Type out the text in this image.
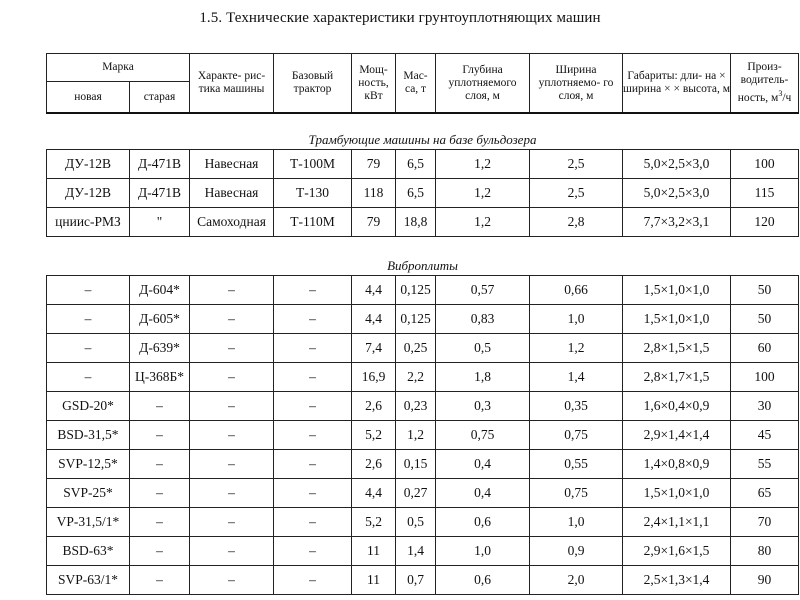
1.5. Технические характеристики грунтоуплотняющих машин
Марка		Характе- рис- тика машины	Базовый трактор	Мощ- ность, кВт	Мас- са, т	Глубина уплотняемого слоя, м	Ширина уплотняемо- го слоя, м	Габариты: дли- на × ширина × × высота, м	Произ- водитель- ность, $м^3/ч$
новая	старая								
Трамбующие машины на базе бульдозера									
ДУ-12В	Д-471В	Навесная	Т-100М	79	6,5	1,2	2,5	5,0×2,5×3,0	100
ДУ-12В	Д-471В	Навесная	Т-130	118	6,5	1,2	2,5	5,0×2,5×3,0	115
цниис-РМЗ	"	Самоходная	Т-110М	79	18,8	1,2	2,8	7,7×3,2×3,1	120
Виброплиты									
–	Д-604*	–	–	4,4	0,125	0,57	0,66	1,5×1,0×1,0	50
–	Д-605*	–	–	4,4	0,125	0,83	1,0	1,5×1,0×1,0	50
–	Д-639*	–	–	7,4	0,25	0,5	1,2	2,8×1,5×1,5	60
–	Ц-368Б*	–	–	16,9	2,2	1,8	1,4	2,8×1,7×1,5	100
GSD-20*	–	–	–	2,6	0,23	0,3	0,35	1,6×0,4×0,9	30
BSD-31,5*	–	–	–	5,2	1,2	0,75	0,75	2,9×1,4×1,4	45
SVP-12,5*	–	–	–	2,6	0,15	0,4	0,55	1,4×0,8×0,9	55
SVP-25*	–	–	–	4,4	0,27	0,4	0,75	1,5×1,0×1,0	65
VP-31,5/1*	–	–	–	5,2	0,5	0,6	1,0	2,4×1,1×1,1	70
BSD-63*	–	–	–	11	1,4	1,0	0,9	2,9×1,6×1,5	80
SVP-63/1*	–	–	–	11	0,7	0,6	2,0	2,5×1,3×1,4	90
